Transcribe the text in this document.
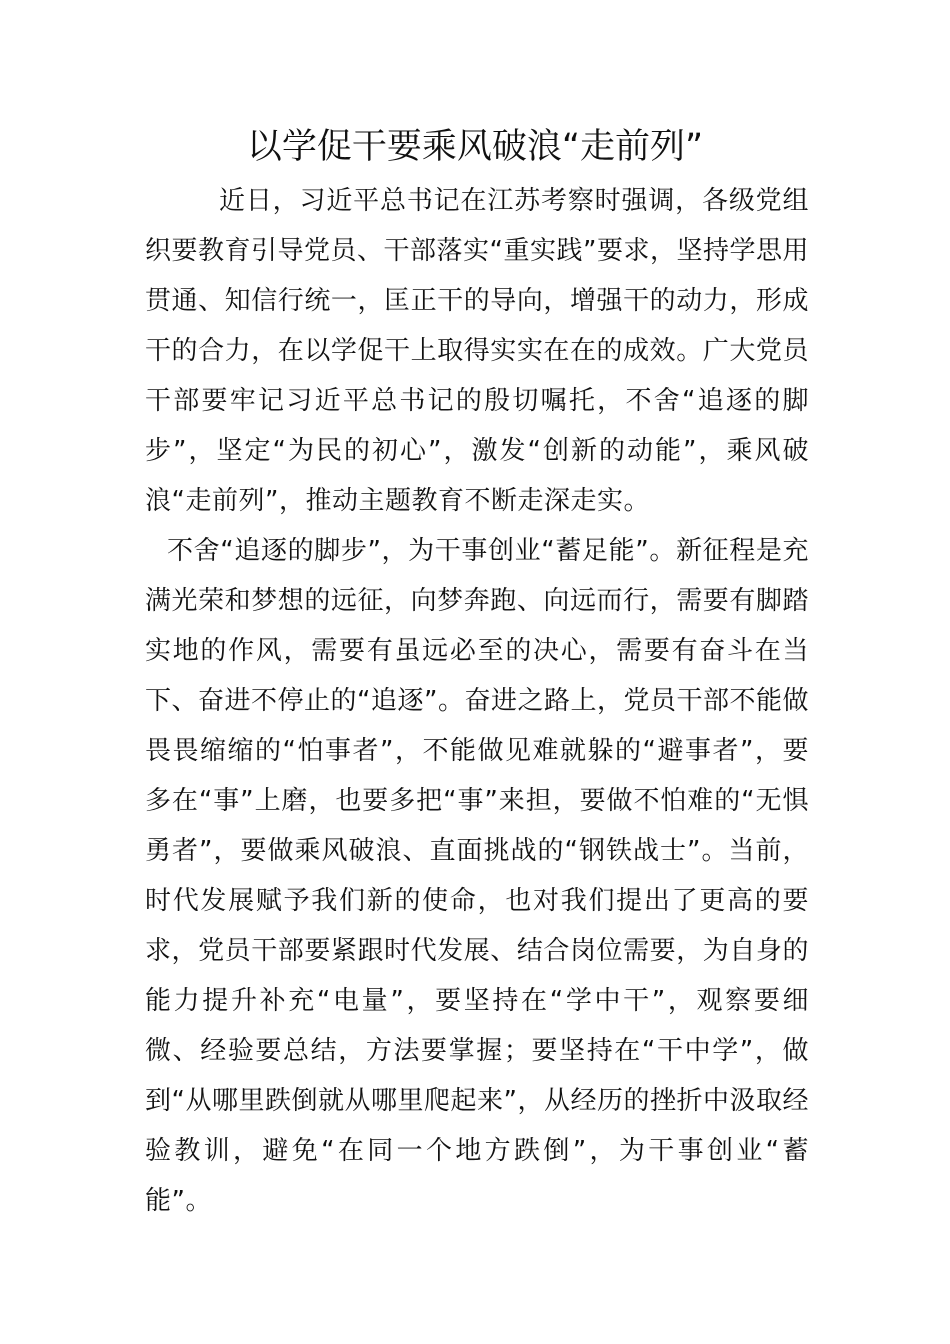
以学促干要乘风破浪“走前列”

近日，习近平总书记在江苏考察时强调，各级党组织要教育引导党员、干部落实“重实践”要求，坚持学思用贯通、知信行统一，匡正干的导向，增强干的动力，形成干的合力，在以学促干上取得实实在在的成效。广大党员干部要牢记习近平总书记的殷切嘱托，不舍“追逐的脚步”，坚定“为民的初心”，激发“创新的动能”，乘风破浪“走前列”，推动主题教育不断走深走实。

不舍“追逐的脚步”，为干事创业“蓄足能”。新征程是充满光荣和梦想的远征，向梦奔跑、向远而行，需要有脚踏实地的作风，需要有虽远必至的决心，需要有奋斗在当下、奋进不停止的“追逐”。奋进之路上，党员干部不能做畏畏缩缩的“怕事者”，不能做见难就躲的“避事者”，要多在“事”上磨，也要多把“事”来担，要做不怕难的“无惧勇者”，要做乘风破浪、直面挑战的“钢铁战士”。当前，时代发展赋予我们新的使命，也对我们提出了更高的要求，党员干部要紧跟时代发展、结合岗位需要，为自身的能力提升补充“电量”，要坚持在“学中干”，观察要细微、经验要总结，方法要掌握；要坚持在“干中学”，做到“从哪里跌倒就从哪里爬起来”，从经历的挫折中汲取经验教训，避免“在同一个地方跌倒”，为干事创业“蓄能”。
